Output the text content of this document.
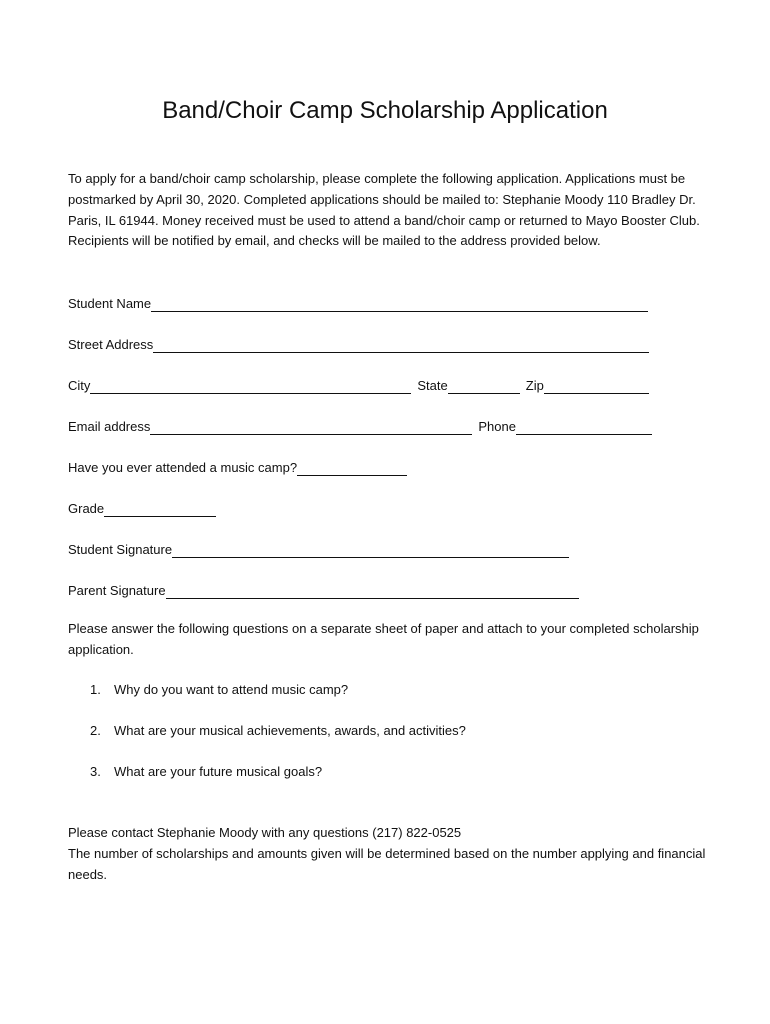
Band/Choir Camp Scholarship Application

To apply for a band/choir camp scholarship, please complete the following application. Applications must be postmarked by April 30, 2020. Completed applications should be mailed to: Stephanie Moody 110 Bradley Dr. Paris, IL 61944. Money received must be used to attend a band/choir camp or returned to Mayo Booster Club. Recipients will be notified by email, and checks will be mailed to the address provided below.

Student Name
Street Address
City	State	Zip
Email address	Phone
Have you ever attended a music camp?
Grade
Student Signature
Parent Signature

Please answer the following questions on a separate sheet of paper and attach to your completed scholarship application.

1.	Why do you want to attend music camp?
2.	What are your musical achievements, awards, and activities?
3.	What are your future musical goals?

Please contact Stephanie Moody with any questions (217) 822-0525

The number of scholarships and amounts given will be determined based on the number applying and financial needs.
